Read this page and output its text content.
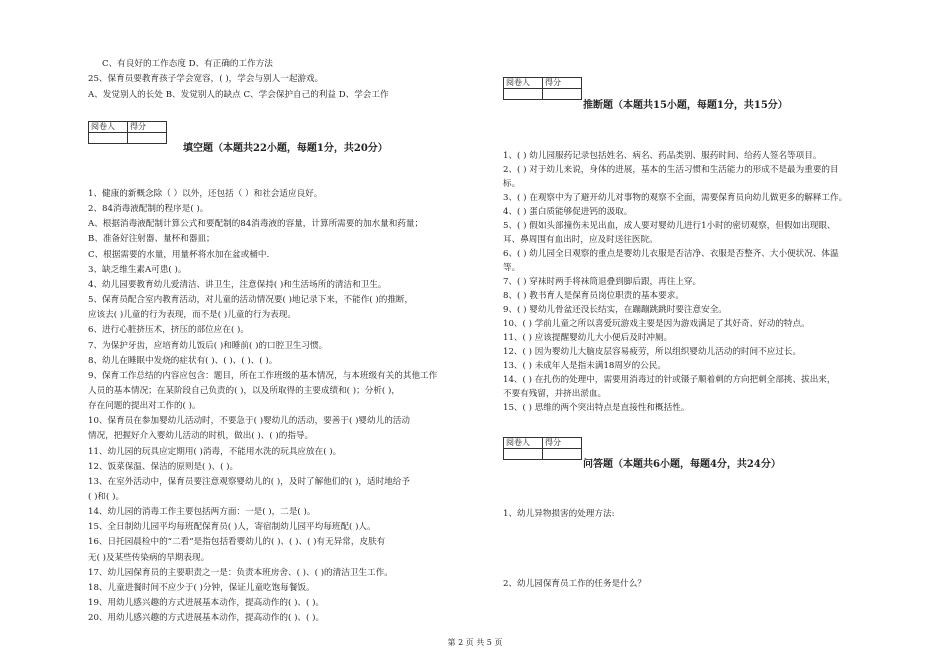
C、有良好的工作态度 D、有正确的工作方法
25、保育员要教育孩子学会宽容，( )，学会与别人一起游戏。
A、发觉别人的长处 B、发觉别人的缺点 C、学会保护自己的利益 D、学会工作
阅卷人	得分

填空题（本题共22小题，每题1分，共20分）
1、健康的新概念除（ ）以外，还包括（ ）和社会适应良好。
2、84消毒液配制的程序是( )。
A、根据消毒液配制计算公式和要配制的84消毒液的容量，计算所需要的加水量和药量；
B、准备好注射器、量杯和器皿；
C、根据需要的水量，用量杯将水加在盆或桶中.
3、缺乏维生素A可患( )。
4、幼儿园要教育幼儿爱清洁、讲卫生，注意保持( )和生活场所的清洁和卫生。
5、保育员配合室内教育活动，对儿童的活动情况要( )地记录下来，不能作( )的推断，
应该去( )儿童的行为表现，而不是( )儿童的行为表现。
6、进行心脏挤压术，挤压的部位应在( )。
7、为保护牙齿，应培育幼儿饭后( )和睡前( )的口腔卫生习惯。
8、幼儿在睡眠中发烧的症状有( )、( )、( )、( )。
9、保育工作总结的内容应包含：题目，所在工作班级的基本情况，与本班级有关的其他工作
人员的基本情况；在某阶段自己负责的( )，以及所取得的主要成绩和( )；分析( )，
存在问题的提出对工作的( )。
10、保育员在参加婴幼儿活动时，不要急于( )婴幼儿的活动，要善于( )婴幼儿的活动
情况，把握好介入婴幼儿活动的时机，做出( )、( )的指导。
11、幼儿园的玩具应定期用( )消毒，不能用水洗的玩具应放在( )。
12、饭菜保温、保洁的原则是( )、( )。
13、在室外活动中，保育员要注意观察婴幼儿的( )，及时了解他们的( )，适时地给予
( )和( )。
14、幼儿园的消毒工作主要包括两方面：一是( )，二是( )。
15、全日制幼儿园平均每班配保育员( )人，寄宿制幼儿园平均每班配( )人。
16、日托园晨检中的“二看”是指包括看婴幼儿的( )、( )、( )有无异常，皮肤有
无( )及某些传染病的早期表现。
17、幼儿园保育员的主要职责之一是：负责本班房舍、( )、( )的清洁卫生工作。
18、儿童进餐时间不应少于( )分钟，保证儿童吃饱每餐饭。
19、用幼儿感兴趣的方式进展基本动作，提高动作的( )、( )。
20、用幼儿感兴趣的方式进展基本动作，提高动作的( )、( )。
阅卷人	得分

推断题（本题共15小题，每题1分，共15分）
1、( ) 幼儿园服药记录包括姓名、病名、药品类别、服药时间、给药人签名等项目。
2、( ) 对于幼儿来说，身体的进展，基本的生活习惯和生活能力的形成不是最为重要的目
标。
3、( ) 在观察中为了避开幼儿对事物的观察不全面，需要保育员向幼儿做更多的解释工作。
4、( ) 蛋白质能够促进钙的汲取。
5、( ) 假如头部撞伤未见出血，成人要对婴幼儿进行1小时的密切观察，但假如出现眼、
耳、鼻周围有血出时，应及时送往医院。
6、( ) 幼儿园全日观察的重点是婴幼儿衣服是否洁净、衣服是否整齐、大小便状况、体温
等。
7、( ) 穿袜时两手将袜筒退叠到脚后跟，再往上穿。
8、( ) 教书育人是保育员岗位职责的基本要求。
9、( ) 婴幼儿骨盆还没长结实，在蹦蹦跳跳时要注意安全。
10、( ) 学前儿童之所以喜爱玩游戏主要是因为游戏满足了其好奇、好动的特点。
11、( ) 应该提醒婴幼儿大小便后及时冲厕。
12、( ) 因为婴幼儿大脑皮层容易疲劳，所以组织婴幼儿活动的时间不应过长。
13、( ) 未成年人是指未满18周岁的公民。
14、( ) 在扎伤的处理中，需要用消毒过的针或镊子顺着刺的方向把刺全部挑、拔出来，
不要有残留，并挤出淤血。
15、( ) 思维的两个突出特点是直接性和概括性。
阅卷人	得分

问答题（本题共6小题，每题4分，共24分）
1、幼儿异物损害的处理方法:
2、幼儿园保育员工作的任务是什么？
第 2 页 共 5 页
